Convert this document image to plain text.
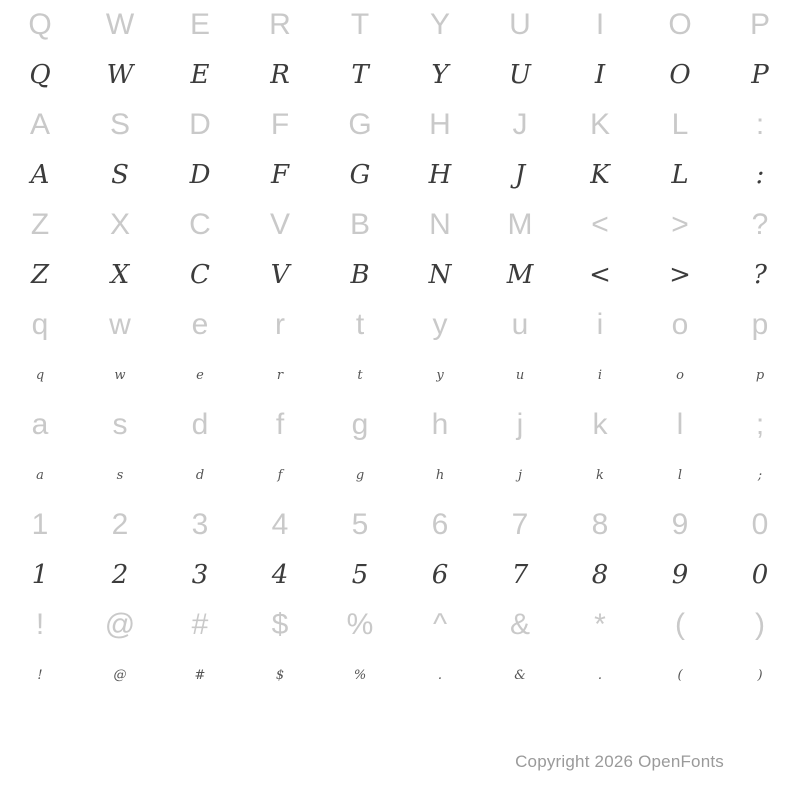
Q	W	E	R	T	Y	U	I	O	P
Q	W	E	R	T	Y	U	I	O	P
A	S	D	F	G	H	J	K	L	:
A	S	D	F	G	H	J	K	L	:
Z	X	C	V	B	N	M	<	>	?
Z	X	C	V	B	N	M	<	>	?
q	w	e	r	t	y	u	i	o	p
q	w	e	r	t	y	u	i	o	p
a	s	d	f	g	h	j	k	l	;
a	s	d	f	g	h	j	k	l	;
1	2	3	4	5	6	7	8	9	0
1	2	3	4	5	6	7	8	9	0
!	@	#	$	%	^	&	*	(	)
!	@	#	$	%	.	&	.	(	)
Copyright 2026 OpenFonts
